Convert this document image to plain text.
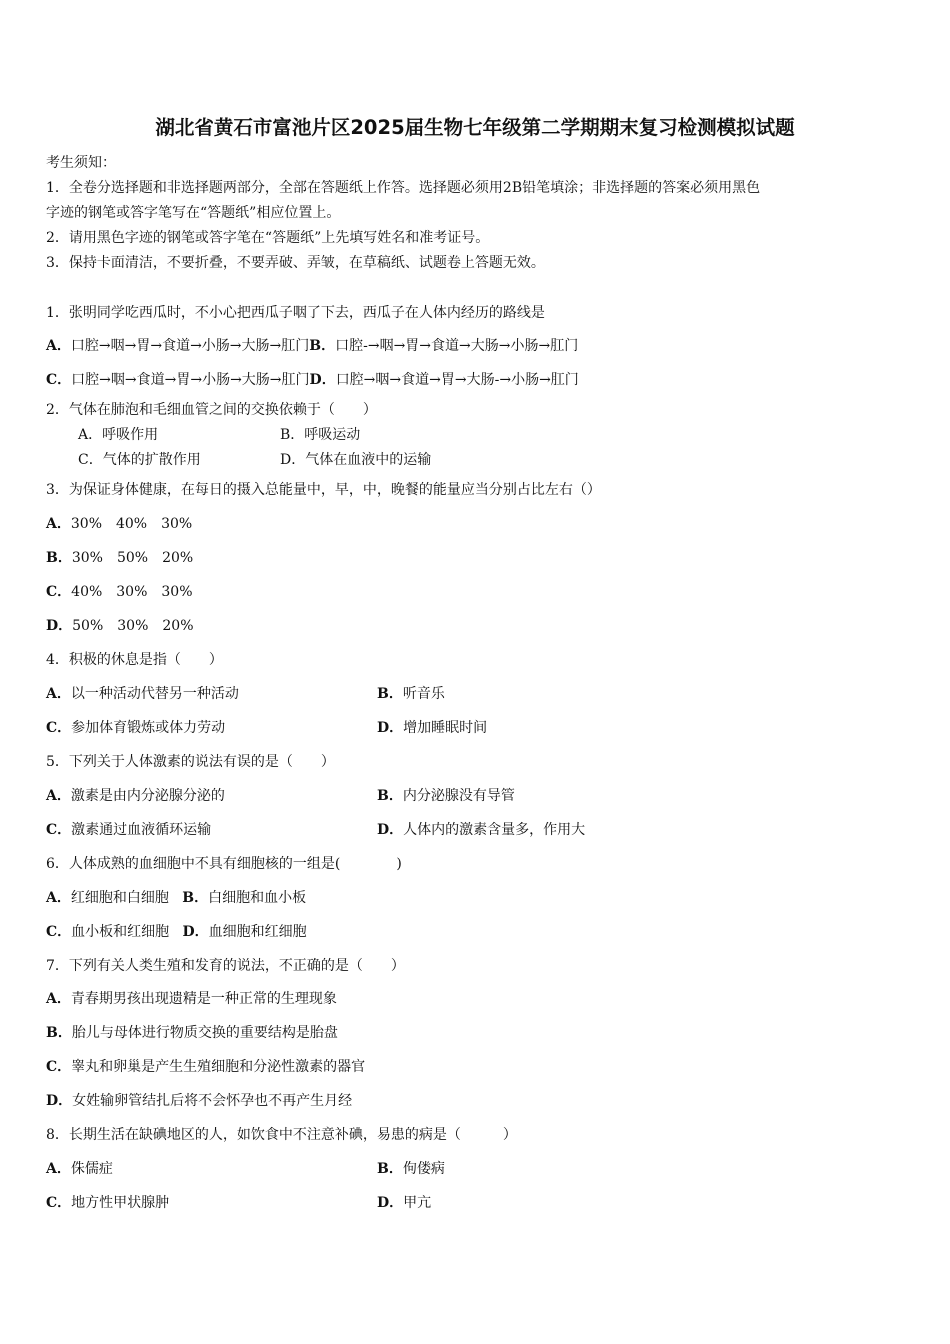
湖北省黄石市富池片区2025届生物七年级第二学期期末复习检测模拟试题
考生须知：
1．全卷分选择题和非选择题两部分，全部在答题纸上作答。选择题必须用2B铅笔填涂；非选择题的答案必须用黑色
字迹的钢笔或答字笔写在“答题纸”相应位置上。
2．请用黑色字迹的钢笔或答字笔在“答题纸”上先填写姓名和准考证号。
3．保持卡面清洁，不要折叠，不要弄破、弄皱，在草稿纸、试题卷上答题无效。
1．张明同学吃西瓜时，不小心把西瓜子咽了下去，西瓜子在人体内经历的路线是
A．口腔→咽→胃→食道→小肠→大肠→肛门B．口腔-→咽→胃→食道→大肠→小肠→肛门
C．口腔→咽→食道→胃→小肠→大肠→肛门D．口腔→咽→食道→胃→大肠-→小肠→肛门
2．气体在肺泡和毛细血管之间的交换依赖于（　　）
A．呼吸作用	B．呼吸运动
C．气体的扩散作用	D．气体在血液中的运输
3．为保证身体健康，在每日的摄入总能量中，早，中，晚餐的能量应当分别占比左右（）
A．30%　40%　30%
B．30%　50%　20%
C．40%　30%　30%
D．50%　30%　20%
4．积极的休息是指（　　）
A．以一种活动代替另一种活动	B．听音乐
C．参加体育锻炼或体力劳动	D．增加睡眠时间
5．下列关于人体激素的说法有误的是（　　）
A．激素是由内分泌腺分泌的	B．内分泌腺没有导管
C．激素通过血液循环运输	D．人体内的激素含量多，作用大
6．人体成熟的血细胞中不具有细胞核的一组是(　　　　)
A．红细胞和白细胞 B．白细胞和血小板
C．血小板和红细胞 D．血细胞和红细胞
7．下列有关人类生殖和发育的说法，不正确的是（　　）
A．青春期男孩出现遗精是一种正常的生理现象
B．胎儿与母体进行物质交换的重要结构是胎盘
C．睾丸和卵巢是产生生殖细胞和分泌性激素的器官
D．女姓输卵管结扎后将不会怀孕也不再产生月经
8．长期生活在缺碘地区的人，如饮食中不注意补碘，易患的病是（　　　）
A．侏儒症	B．佝偻病
C．地方性甲状腺肿	D．甲亢
